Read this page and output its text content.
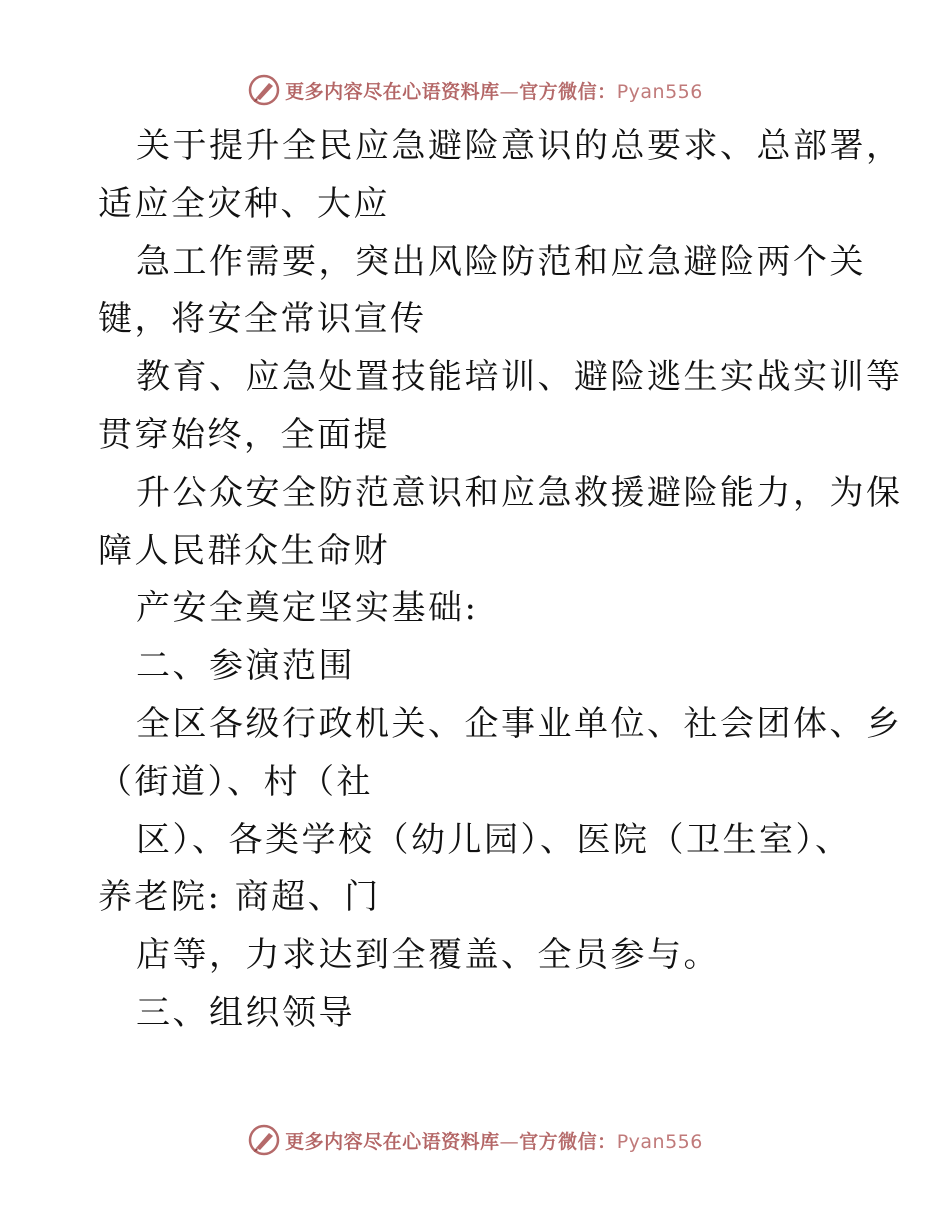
更多内容尽在心语资料库—官方微信：Pyan556
关于提升全民应急避险意识的总要求、总部署，
适应全灾种、大应
急工作需要，突出风险防范和应急避险两个关
键，将安全常识宣传
教育、应急处置技能培训、避险逃生实战实训等
贯穿始终，全面提
升公众安全防范意识和应急救援避险能力，为保
障人民群众生命财
产安全奠定坚实基础:
二、参演范围
全区各级行政机关、企事业单位、社会团体、乡
（街道）、村（社
区）、各类学校（幼儿园）、医院（卫生室）、
养老院: 商超、门
店等，力求达到全覆盖、全员参与。
三、组织领导
更多内容尽在心语资料库—官方微信：Pyan556
